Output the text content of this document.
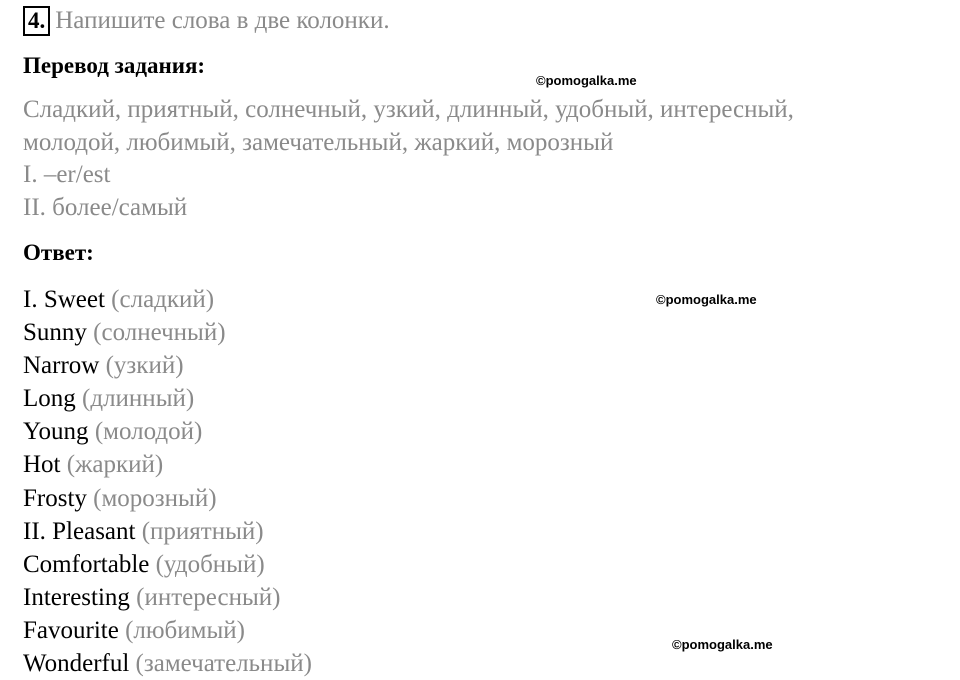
4. Напишите слова в две колонки.
Перевод задания:
©pomogalka.me
Сладкий, приятный, солнечный, узкий, длинный, удобный, интересный,
молодой, любимый, замечательный, жаркий, морозный
I. –er/est
II. более/самый
Ответ:
©pomogalka.me
I. Sweet (сладкий)
Sunny (солнечный)
Narrow (узкий)
Long (длинный)
Young (молодой)
Hot (жаркий)
Frosty (морозный)
II. Pleasant (приятный)
Comfortable (удобный)
Interesting (интересный)
Favourite (любимый)
Wonderful (замечательный)
©pomogalka.me
